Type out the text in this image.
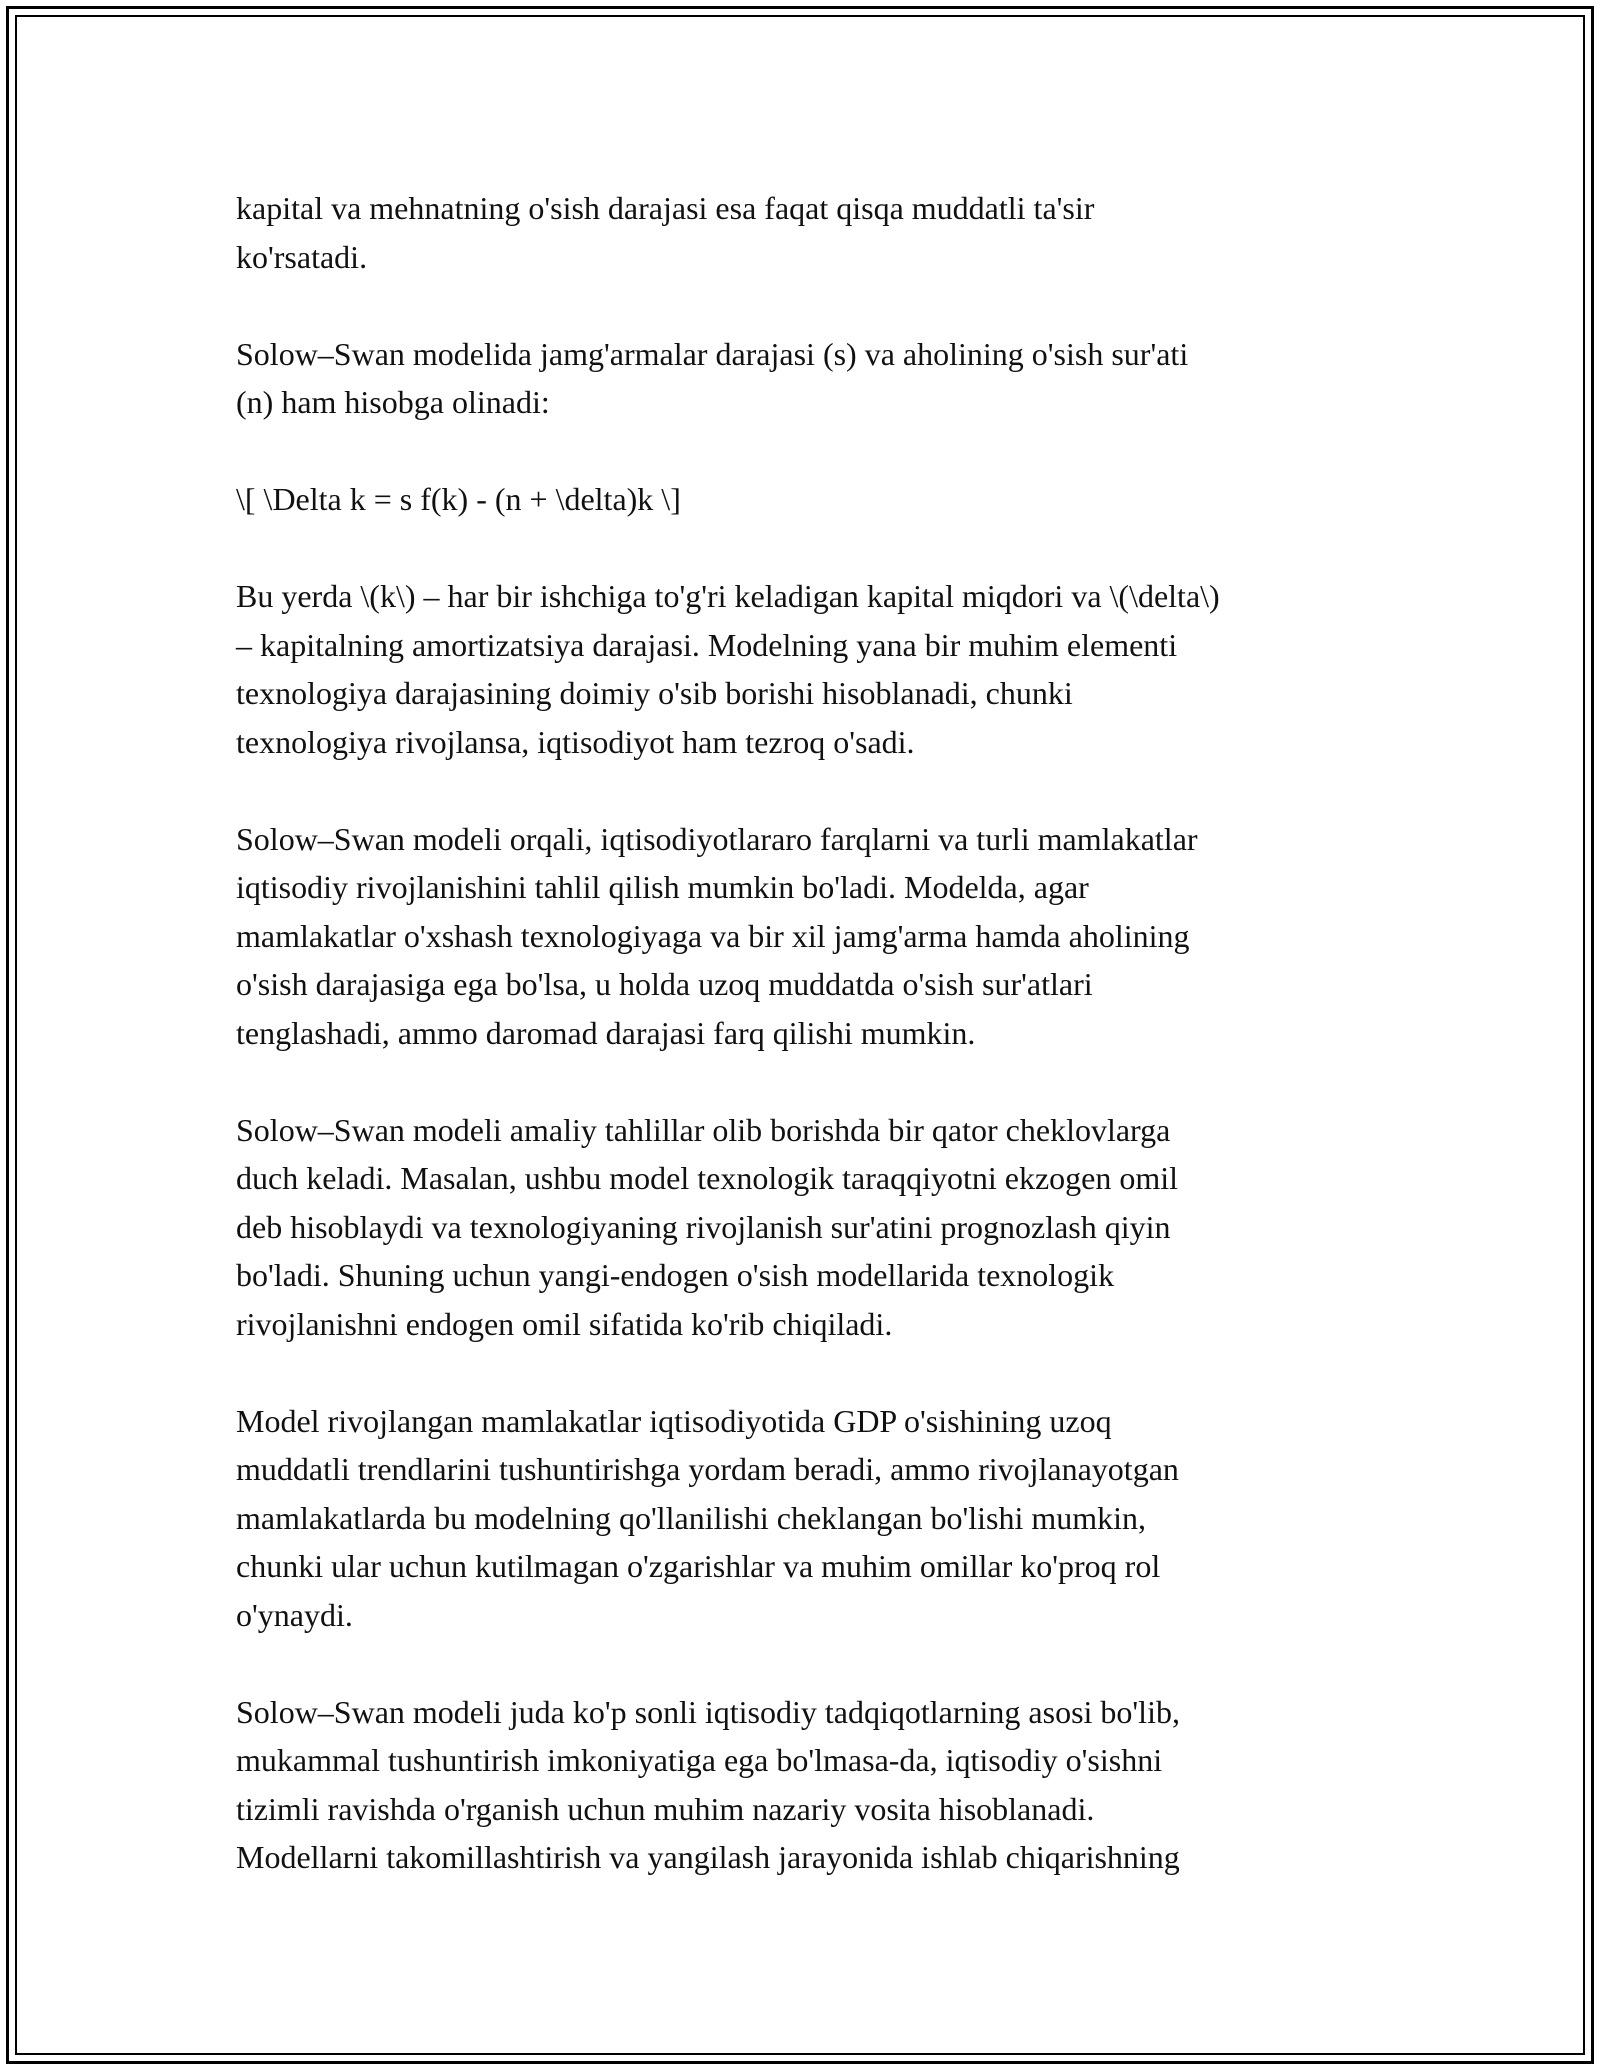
kapital va mehnatning o's﻿ish darajasi esa faqat qisqa muddatli ta'sir
ko'rsatadi.

Solow–Swan modelida jamg'armalar darajasi (s) va aholining o'sish sur'ati
(n) ham hisobga olinadi:

\[ \Delta k = s f(k) - (n + \delta)k \]

Bu yerda \(k\) – har bir ishchiga to'g'ri keladigan kapital miqdori va \(\delta\)
– kapitalning amortizatsiya darajasi. Modelning yana bir muhim elementi
texnologiya darajasining doimiy o'sib borishi hisoblanadi, chunki
texnologiya rivojlansa, iqtisodiyot ham tezroq o'sadi.

Solow–Swan modeli orqali, iqtisodiyotlararo farqlarni va turli mamlakatlar
iqtisodiy rivojlanishini tahlil qilish mumkin bo'ladi. Modelda, agar
mamlakatlar o'xshash texnologiyaga va bir xil jamg'arma hamda aholining
o'sish darajasiga ega bo'lsa, u holda uzoq muddatda o'sish sur'atlari
tenglashadi, ammo daromad darajasi farq qilishi mumkin.

Solow–Swan modeli amaliy tahlillar olib borishda bir qator cheklovlarga
duch keladi. Masalan, ushbu model texnologik taraqqiyotni ekzogen omil
deb hisoblaydi va texnologiyaning rivojlanish sur'atini prognozlash qiyin
bo'ladi. Shuning uchun yangi-endogen o'sish modellarida texnologik
rivojlanishni endogen omil sifatida ko'rib chiqiladi.

Model rivojlangan mamlakatlar iqtisodiyotida GDP o'sishining uzoq
muddatli trendlarini tushuntirishga yordam beradi, ammo rivojlanayotgan
mamlakatlarda bu modelning qo'llanilishi cheklangan bo'lishi mumkin,
chunki ular uchun kutilmagan o'zgarishlar va muhim omillar ko'proq rol
o'ynaydi.

Solow–Swan modeli juda ko'p sonli iqtisodiy tadqiqotlarning asosi bo'lib,
mukammal tushuntirish imkoniyatiga ega bo'lmasa-da, iqtisodiy o'sishni
tizimli ravishda o'rganish uchun muhim nazariy vosita hisoblanadi.
Modellarni takomillashtirish va yangilash jarayonida ishlab chiqarishning
